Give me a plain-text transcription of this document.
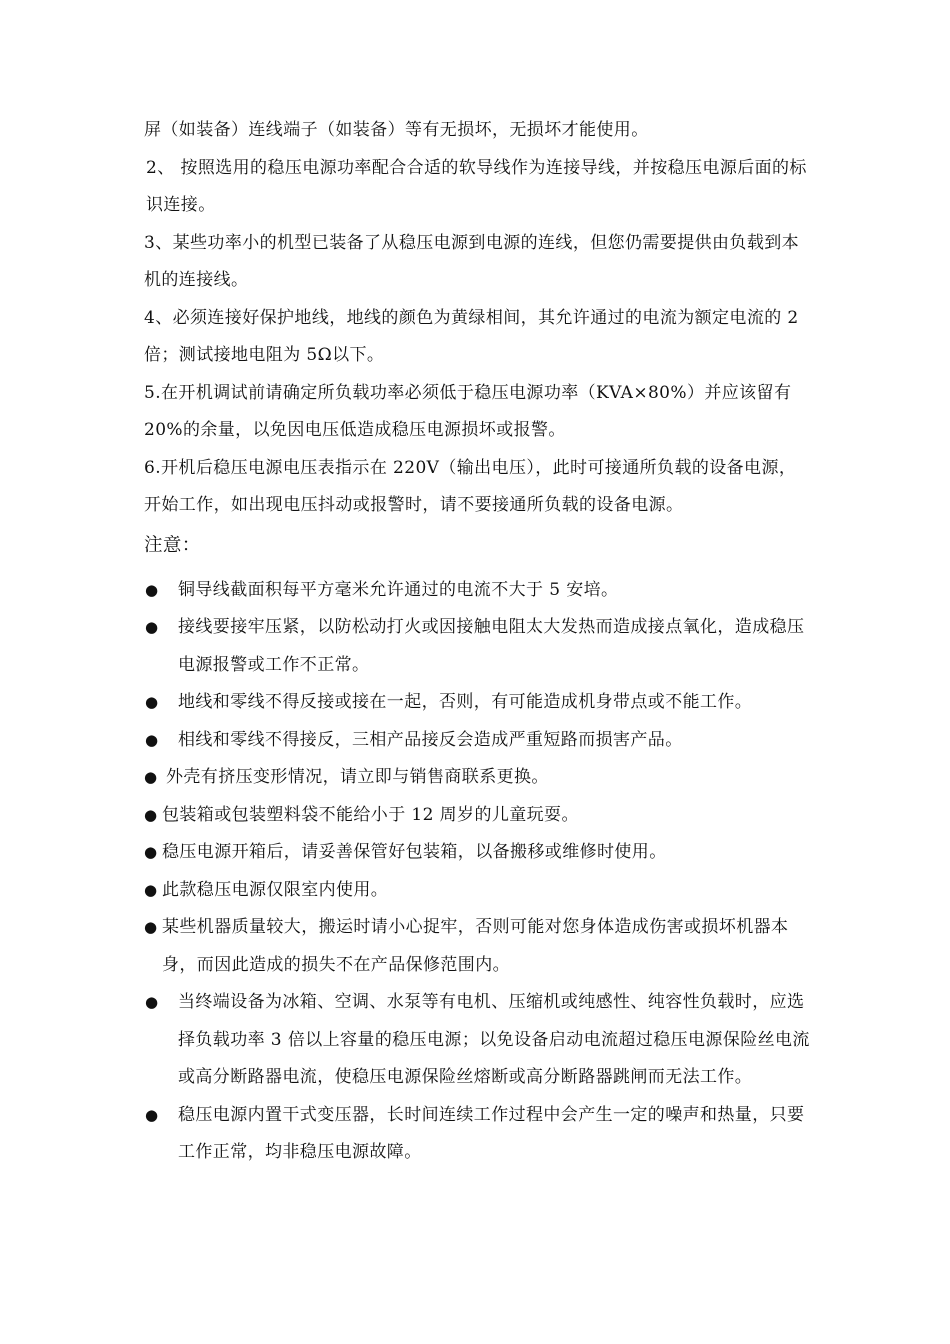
屏（如装备）连线端子（如装备）等有无损坏，无损坏才能使用。

2、 按照选用的稳压电源功率配合合适的软导线作为连接导线，并按稳压电源后面的标识连接。

3、某些功率小的机型已装备了从稳压电源到电源的连线，但您仍需要提供由负载到本机的连接线。

4、必须连接好保护地线，地线的颜色为黄绿相间，其允许通过的电流为额定电流的 2 倍；测试接地电阻为 5Ω以下。

5.在开机调试前请确定所负载功率必须低于稳压电源功率（KVA×80%）并应该留有 20%的余量，以免因电压低造成稳压电源损坏或报警。

6.开机后稳压电源电压表指示在 220V（输出电压），此时可接通所负载的设备电源，开始工作，如出现电压抖动或报警时，请不要接通所负载的设备电源。

注意：

● 铜导线截面积每平方毫米允许通过的电流不大于 5 安培。
● 接线要接牢压紧，以防松动打火或因接触电阻太大发热而造成接点氧化，造成稳压电源报警或工作不正常。
● 地线和零线不得反接或接在一起，否则，有可能造成机身带点或不能工作。
● 相线和零线不得接反，三相产品接反会造成严重短路而损害产品。
● 外壳有挤压变形情况，请立即与销售商联系更换。
● 包装箱或包装塑料袋不能给小于 12 周岁的儿童玩耍。
● 稳压电源开箱后，请妥善保管好包装箱，以备搬移或维修时使用。
● 此款稳压电源仅限室内使用。
● 某些机器质量较大，搬运时请小心捉牢，否则可能对您身体造成伤害或损坏机器本身，而因此造成的损失不在产品保修范围内。
● 当终端设备为冰箱、空调、水泵等有电机、压缩机或纯感性、纯容性负载时，应选择负载功率 3 倍以上容量的稳压电源；以免设备启动电流超过稳压电源保险丝电流或高分断路器电流，使稳压电源保险丝熔断或高分断路器跳闸而无法工作。
● 稳压电源内置干式变压器，长时间连续工作过程中会产生一定的噪声和热量，只要工作正常，均非稳压电源故障。
